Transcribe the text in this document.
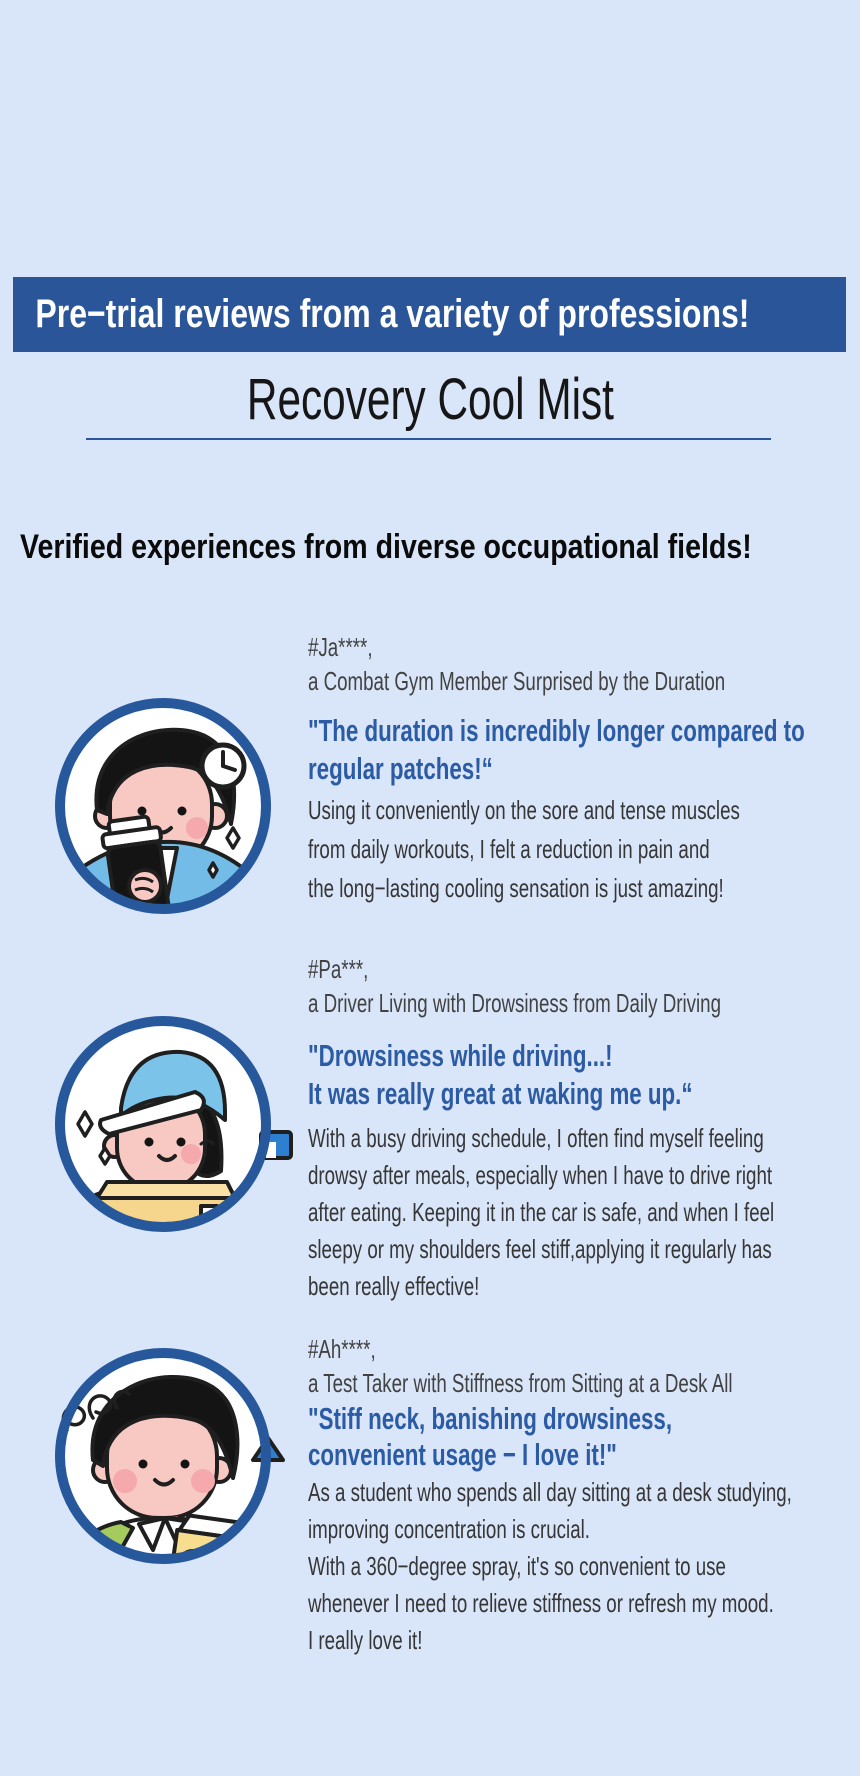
Pre−trial reviews from a variety of professions!
Recovery Cool Mist
Verified experiences from diverse occupational fields!
#Ja****,
a Combat Gym Member Surprised by the Duration
"The duration is incredibly longer compared to
regular patches!“
Using it conveniently on the sore and tense muscles
from daily workouts, I felt a reduction in pain and
the long−lasting cooling sensation is just amazing!
#Pa***,
a Driver Living with Drowsiness from Daily Driving
"Drowsiness while driving...!
It was really great at waking me up.“
With a busy driving schedule, I often find myself feeling
drowsy after meals, especially when I have to drive right
after eating. Keeping it in the car is safe, and when I feel
sleepy or my shoulders feel stiff,applying it regularly has
been really effective!
#Ah****,
a Test Taker with Stiffness from Sitting at a Desk All
"Stiff neck, banishing drowsiness,
convenient usage − I love it!"
As a student who spends all day sitting at a desk studying,
improving concentration is crucial.
With a 360−degree spray, it's so convenient to use
whenever I need to relieve stiffness or refresh my mood.
I really love it!
